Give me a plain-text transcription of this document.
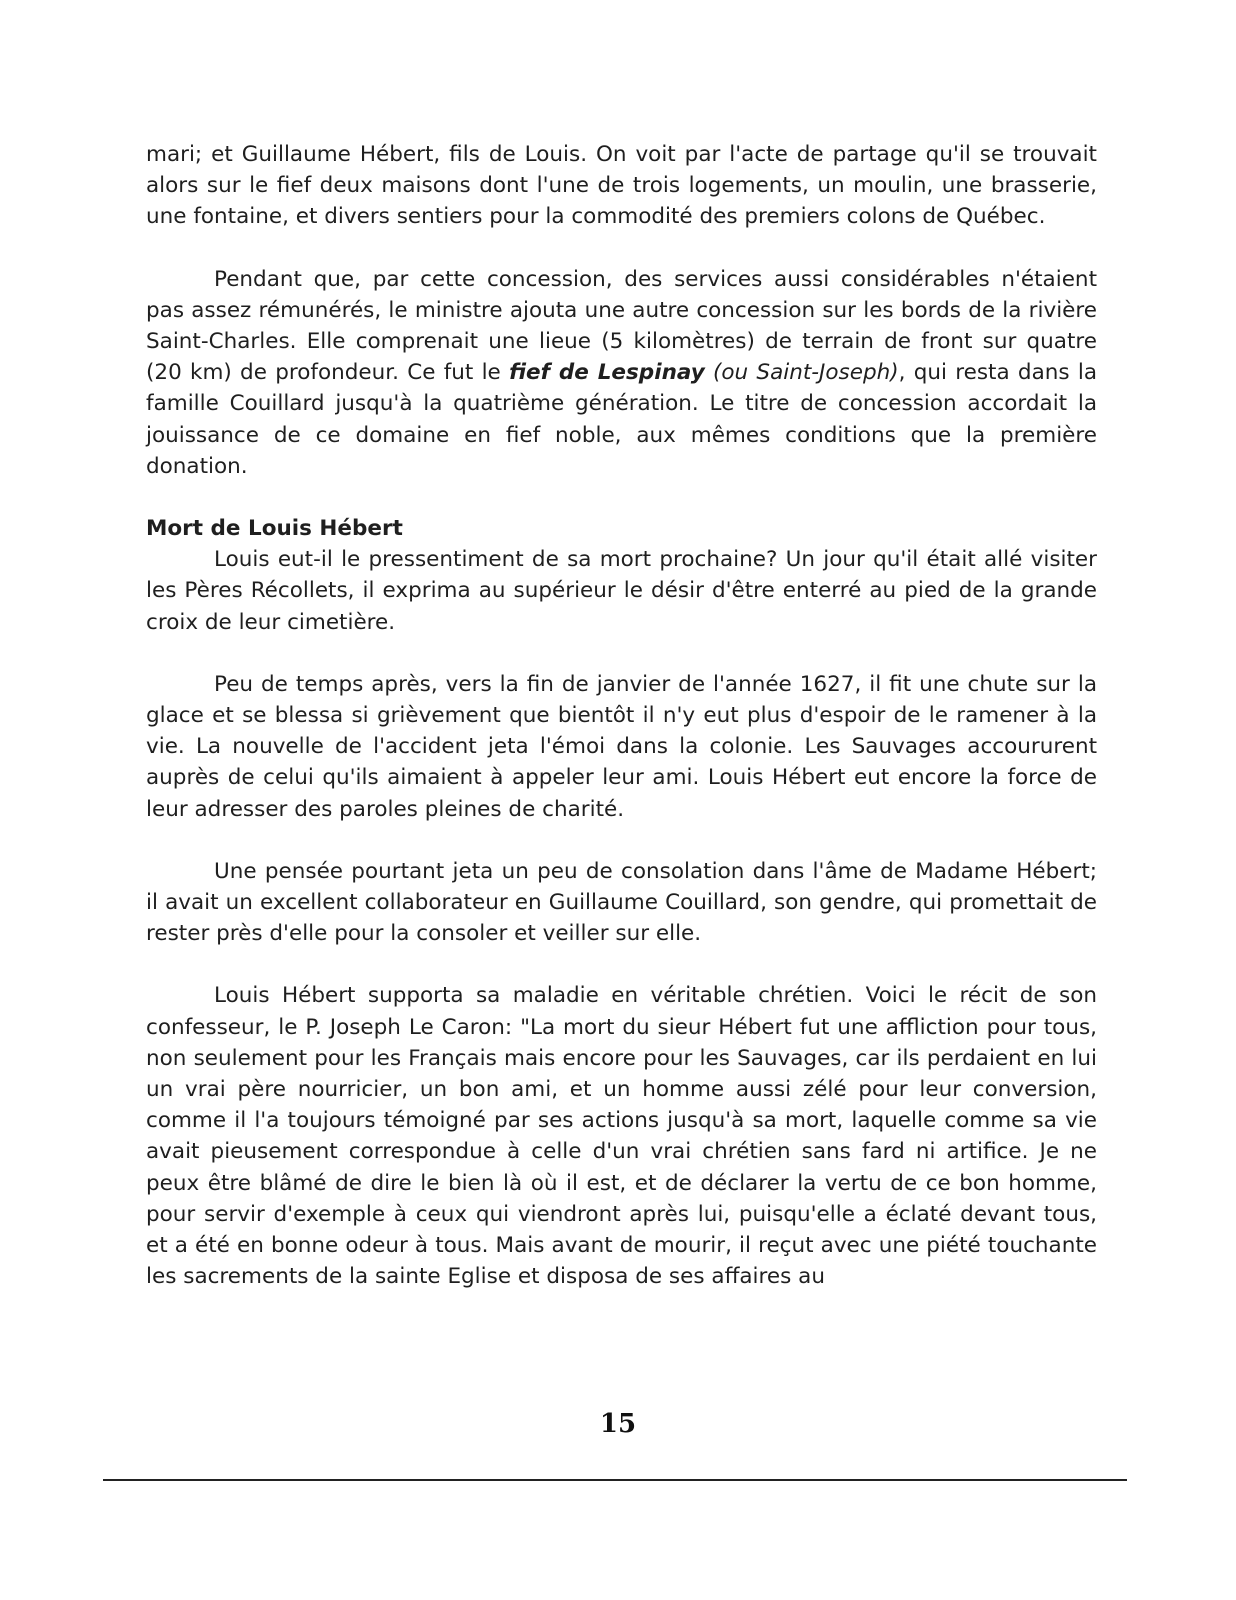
mari; et Guillaume Hébert, fils de Louis. On voit par l'acte de partage qu'il se trouvait alors sur le fief deux maisons dont l'une de trois logements, un moulin, une brasserie, une fontaine, et divers sentiers pour la commodité des premiers colons de Québec.

Pendant que, par cette concession, des services aussi considérables n'étaient pas assez rémunérés, le ministre ajouta une autre concession sur les bords de la rivière Saint-Charles. Elle comprenait une lieue (5 kilomètres) de terrain de front sur quatre (20 km) de profondeur. Ce fut le fief de Lespinay (ou Saint-Joseph), qui resta dans la famille Couillard jusqu'à la quatrième génération. Le titre de concession accordait la jouissance de ce domaine en fief noble, aux mêmes conditions que la première donation.

Mort de Louis Hébert

Louis eut-il le pressentiment de sa mort prochaine? Un jour qu'il était allé visiter les Pères Récollets, il exprima au supérieur le désir d'être enterré au pied de la grande croix de leur cimetière.

Peu de temps après, vers la fin de janvier de l'année 1627, il fit une chute sur la glace et se blessa si grièvement que bientôt il n'y eut plus d'espoir de le ramener à la vie. La nouvelle de l'accident jeta l'émoi dans la colonie. Les Sauvages accoururent auprès de celui qu'ils aimaient à appeler leur ami. Louis Hébert eut encore la force de leur adresser des paroles pleines de charité.

Une pensée pourtant jeta un peu de consolation dans l'âme de Madame Hébert; il avait un excellent collaborateur en Guillaume Couillard, son gendre, qui promettait de rester près d'elle pour la consoler et veiller sur elle.

Louis Hébert supporta sa maladie en véritable chrétien. Voici le récit de son confesseur, le P. Joseph Le Caron: "La mort du sieur Hébert fut une affliction pour tous, non seulement pour les Français mais encore pour les Sauvages, car ils perdaient en lui un vrai père nourricier, un bon ami, et un homme aussi zélé pour leur conversion, comme il l'a toujours témoigné par ses actions jusqu'à sa mort, laquelle comme sa vie avait pieusement correspondue à celle d'un vrai chrétien sans fard ni artifice. Je ne peux être blâmé de dire le bien là où il est, et de déclarer la vertu de ce bon homme, pour servir d'exemple à ceux qui viendront après lui, puisqu'elle a éclaté devant tous, et a été en bonne odeur à tous. Mais avant de mourir, il reçut avec une piété touchante les sacrements de la sainte Eglise et disposa de ses affaires au

15
